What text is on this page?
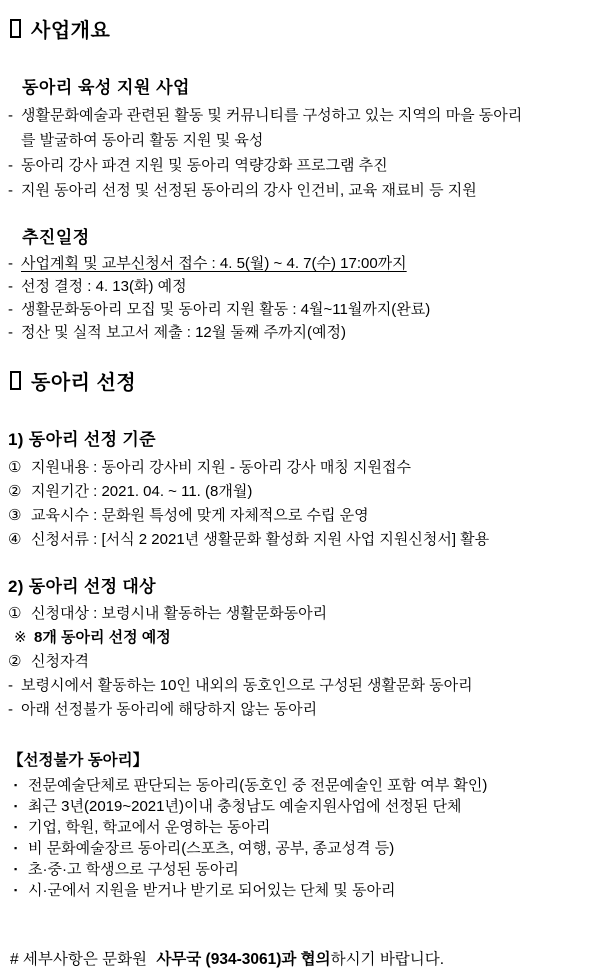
사업개요
동아리 육성 지원 사업
- 생활문화예술과 관련된 활동 및 커뮤니티를 구성하고 있는 지역의 마을 동아리
를 발굴하여 동아리 활동 지원 및 육성
- 동아리 강사 파견 지원 및 동아리 역량강화 프로그램 추진
- 지원 동아리 선정 및 선정된 동아리의 강사 인건비, 교육 재료비 등 지원
추진일정
- 사업계획 및 교부신청서 접수 : 4. 5(월) ~ 4. 7(수) 17:00까지
- 선정 결정 : 4. 13(화) 예정
- 생활문화동아리 모집 및 동아리 지원 활동 : 4월~11월까지(완료)
- 정산 및 실적 보고서 제출 : 12월 둘째 주까지(예정)
동아리 선정
1) 동아리 선정 기준
① 지원내용 : 동아리 강사비 지원 - 동아리 강사 매칭 지원접수
② 지원기간 : 2021. 04. ~ 11. (8개월)
③ 교육시수 : 문화원 특성에 맞게 자체적으로 수립 운영
④ 신청서류 : [서식 2 2021년 생활문화 활성화 지원 사업 지원신청서] 활용
2) 동아리 선정 대상
① 신청대상 : 보령시내 활동하는 생활문화동아리
※ 8개 동아리 선정 예정
② 신청자격
- 보령시에서 활동하는 10인 내외의 동호인으로 구성된 생활문화 동아리
- 아래 선정불가 동아리에 해당하지 않는 동아리
【선정불가 동아리】
▪ 전문예술단체로 판단되는 동아리(동호인 중 전문예술인 포함 여부 확인)
▪ 최근 3년(2019~2021년)이내 충청남도 예술지원사업에 선정된 단체
▪ 기업, 학원, 학교에서 운영하는 동아리
▪ 비 문화예술장르 동아리(스포츠, 여행, 공부, 종교성격 등)
▪ 초·중·고 학생으로 구성된 동아리
▪ 시·군에서 지원을 받거나 받기로 되어있는 단체 및 동아리
# 세부사항은 문화원 사무국 (934-3061)과 협의하시기 바랍니다.
